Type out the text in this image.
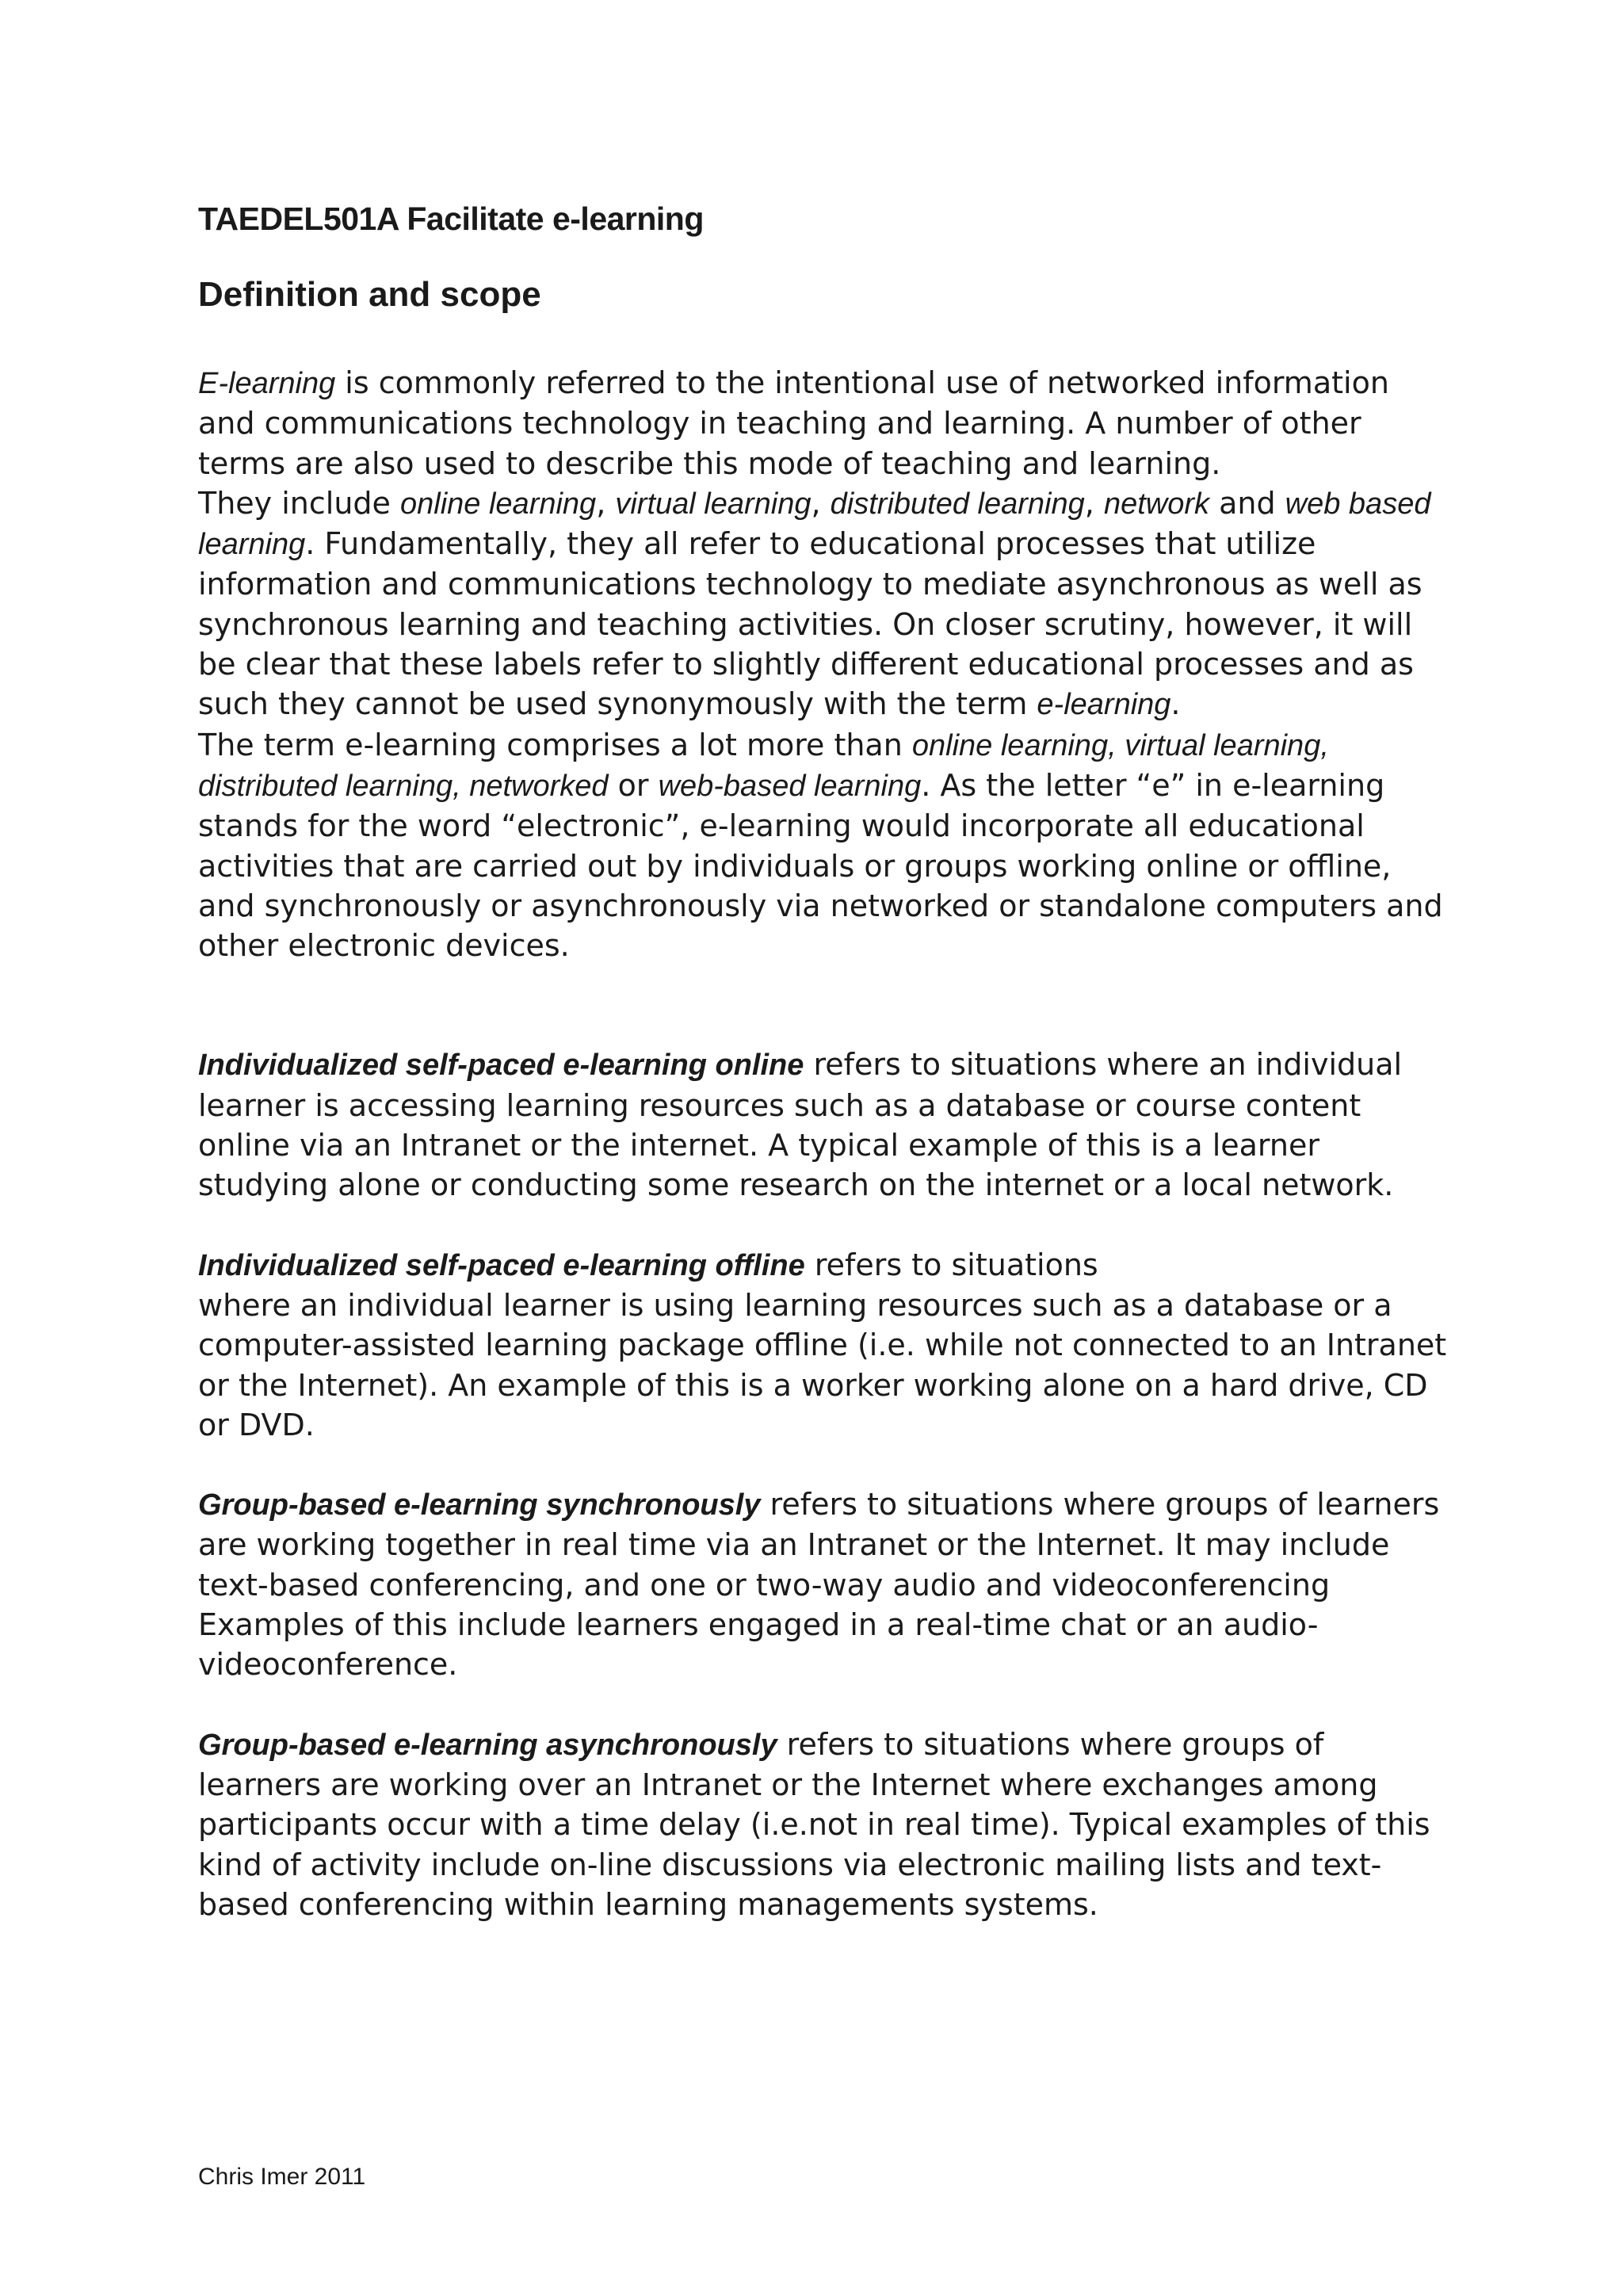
TAEDEL501A Facilitate e-learning
Definition and scope

E-learning is commonly referred to the intentional use of networked information and communications technology in teaching and learning. A number of other terms are also used to describe this mode of teaching and learning.

They include online learning, virtual learning, distributed learning, network and web based learning. Fundamentally, they all refer to educational processes that utilize information and communications technology to mediate asynchronous as well as synchronous learning and teaching activities. On closer scrutiny, however, it will be clear that these labels refer to slightly different educational processes and as such they cannot be used synonymously with the term e-learning.

The term e-learning comprises a lot more than online learning, virtual learning, distributed learning, networked or web-based learning. As the letter “e” in e-learning stands for the word “electronic”, e-learning would incorporate all educational activities that are carried out by individuals or groups working online or offline, and synchronously or asynchronously via networked or standalone computers and other electronic devices.

Individualized self-paced e-learning online refers to situations where an individual learner is accessing learning resources such as a database or course content online via an Intranet or the internet. A typical example of this is a learner studying alone or conducting some research on the internet or a local network.

Individualized self-paced e-learning offline refers to situations
where an individual learner is using learning resources such as a database or a computer-assisted learning package offline (i.e. while not connected to an Intranet or the Internet). An example of this is a worker working alone on a hard drive, CD or DVD.

Group-based e-learning synchronously refers to situations where groups of learners are working together in real time via an Intranet or the Internet. It may include text-based conferencing, and one or two-way audio and videoconferencing Examples of this include learners engaged in a real-time chat or an audio-videoconference.

Group-based e-learning asynchronously refers to situations where groups of learners are working over an Intranet or the Internet where exchanges among participants occur with a time delay (i.e.not in real time). Typical examples of this kind of activity include on-line discussions via electronic mailing lists and text-based conferencing within learning managements systems.

Chris Imer 2011
